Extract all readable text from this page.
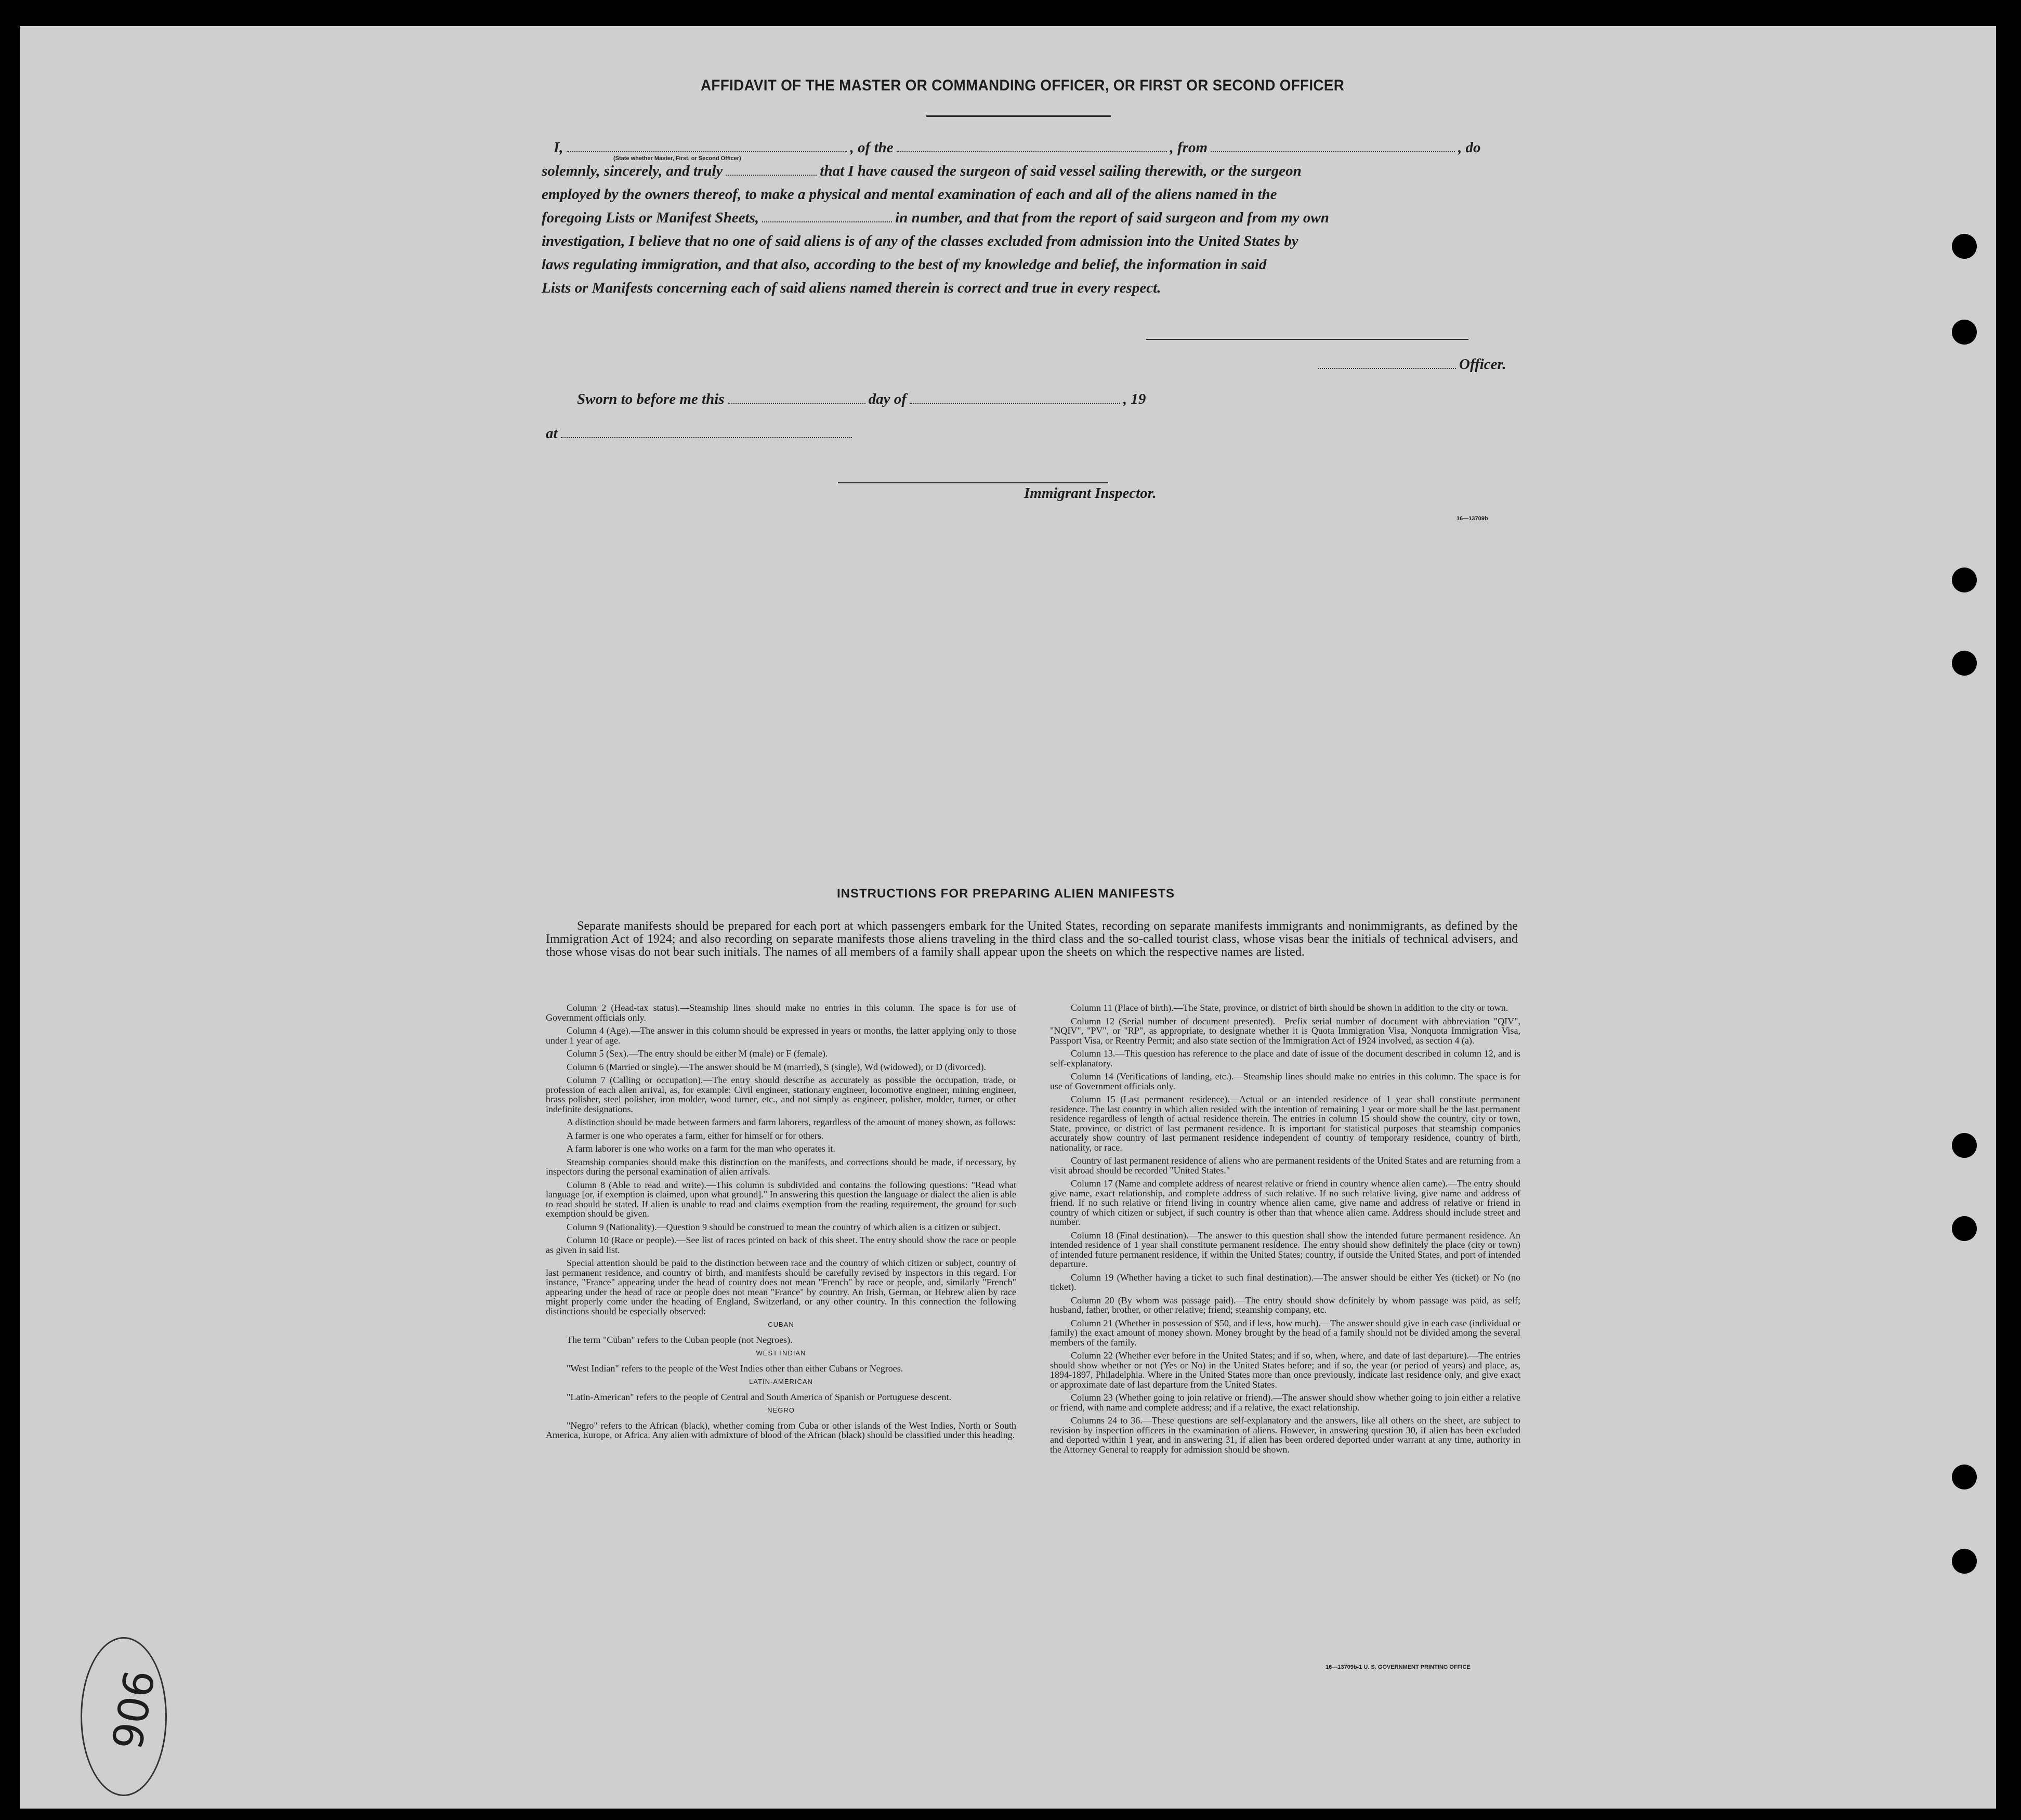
AFFIDAVIT OF THE MASTER OR COMMANDING OFFICER, OR FIRST OR SECOND OFFICER
I,	, of the	, from	, do
(State whether Master, First, or Second Officer)
solemnly, sincerely, and truly	that I have caused the surgeon of said vessel sailing therewith, or the surgeon
employed by the owners thereof, to make a physical and mental examination of each and all of the aliens named in the
foregoing Lists or Manifest Sheets,	in number, and that from the report of said surgeon and from my own
investigation, I believe that no one of said aliens is of any of the classes excluded from admission into the United States by
laws regulating immigration, and that also, according to the best of my knowledge and belief, the information in said
Lists or Manifests concerning each of said aliens named therein is correct and true in every respect.
Officer.
Sworn to before me this	day of	, 19
at
Immigrant Inspector.
16—13709b
INSTRUCTIONS FOR PREPARING ALIEN MANIFESTS
Separate manifests should be prepared for each port at which passengers embark for the United States, recording on separate manifests immigrants and nonimmigrants, as defined by the Immigration Act of 1924; and also recording on separate manifests those aliens traveling in the third class and the so-called tourist class, whose visas bear the initials of technical advisers, and those whose visas do not bear such initials. The names of all members of a family shall appear upon the sheets on which the respective names are listed.

Column 2 (Head-tax status).—Steamship lines should make no entries in this column. The space is for use of Government officials only.

Column 4 (Age).—The answer in this column should be expressed in years or months, the latter applying only to those under 1 year of age.

Column 5 (Sex).—The entry should be either M (male) or F (female).

Column 6 (Married or single).—The answer should be M (married), S (single), Wd (widowed), or D (divorced).

Column 7 (Calling or occupation).—The entry should describe as accurately as possible the occupation, trade, or profession of each alien arrival, as, for example: Civil engineer, stationary engineer, locomotive engineer, mining engineer, brass polisher, steel polisher, iron molder, wood turner, etc., and not simply as engineer, polisher, molder, turner, or other indefinite designations.

A distinction should be made between farmers and farm laborers, regardless of the amount of money shown, as follows:

A farmer is one who operates a farm, either for himself or for others.

A farm laborer is one who works on a farm for the man who operates it.

Steamship companies should make this distinction on the manifests, and corrections should be made, if necessary, by inspectors during the personal examination of alien arrivals.

Column 8 (Able to read and write).—This column is subdivided and contains the following questions: "Read what language [or, if exemption is claimed, upon what ground]." In answering this question the language or dialect the alien is able to read should be stated. If alien is unable to read and claims exemption from the reading requirement, the ground for such exemption should be given.

Column 9 (Nationality).—Question 9 should be construed to mean the country of which alien is a citizen or subject.

Column 10 (Race or people).—See list of races printed on back of this sheet. The entry should show the race or people as given in said list.

Special attention should be paid to the distinction between race and the country of which citizen or subject, country of last permanent residence, and country of birth, and manifests should be carefully revised by inspectors in this regard. For instance, "France" appearing under the head of country does not mean "French" by race or people, and, similarly "French" appearing under the head of race or people does not mean "France" by country. An Irish, German, or Hebrew alien by race might properly come under the heading of England, Switzerland, or any other country. In this connection the following distinctions should be especially observed:

CUBAN

The term "Cuban" refers to the Cuban people (not Negroes).

WEST INDIAN

"West Indian" refers to the people of the West Indies other than either Cubans or Negroes.

LATIN-AMERICAN

"Latin-American" refers to the people of Central and South America of Spanish or Portuguese descent.

NEGRO

"Negro" refers to the African (black), whether coming from Cuba or other islands of the West Indies, North or South America, Europe, or Africa. Any alien with admixture of blood of the African (black) should be classified under this heading.

Column 11 (Place of birth).—The State, province, or district of birth should be shown in addition to the city or town.

Column 12 (Serial number of document presented).—Prefix serial number of document with abbreviation "QIV", "NQIV", "PV", or "RP", as appropriate, to designate whether it is Quota Immigration Visa, Nonquota Immigration Visa, Passport Visa, or Reentry Permit; and also state section of the Immigration Act of 1924 involved, as section 4 (a).

Column 13.—This question has reference to the place and date of issue of the document described in column 12, and is self-explanatory.

Column 14 (Verifications of landing, etc.).—Steamship lines should make no entries in this column. The space is for use of Government officials only.

Column 15 (Last permanent residence).—Actual or an intended residence of 1 year shall constitute permanent residence. The last country in which alien resided with the intention of remaining 1 year or more shall be the last permanent residence regardless of length of actual residence therein. The entries in column 15 should show the country, city or town, State, province, or district of last permanent residence. It is important for statistical purposes that steamship companies accurately show country of last permanent residence independent of country of temporary residence, country of birth, nationality, or race.

Country of last permanent residence of aliens who are permanent residents of the United States and are returning from a visit abroad should be recorded "United States."

Column 17 (Name and complete address of nearest relative or friend in country whence alien came).—The entry should give name, exact relationship, and complete address of such relative. If no such relative living, give name and address of friend. If no such relative or friend living in country whence alien came, give name and address of relative or friend in country of which citizen or subject, if such country is other than that whence alien came. Address should include street and number.

Column 18 (Final destination).—The answer to this question shall show the intended future permanent residence. An intended residence of 1 year shall constitute permanent residence. The entry should show definitely the place (city or town) of intended future permanent residence, if within the United States; country, if outside the United States, and port of intended departure.

Column 19 (Whether having a ticket to such final destination).—The answer should be either Yes (ticket) or No (no ticket).

Column 20 (By whom was passage paid).—The entry should show definitely by whom passage was paid, as self; husband, father, brother, or other relative; friend; steamship company, etc.

Column 21 (Whether in possession of $50, and if less, how much).—The answer should give in each case (individual or family) the exact amount of money shown. Money brought by the head of a family should not be divided among the several members of the family.

Column 22 (Whether ever before in the United States; and if so, when, where, and date of last departure).—The entries should show whether or not (Yes or No) in the United States before; and if so, the year (or period of years) and place, as, 1894-1897, Philadelphia. Where in the United States more than once previously, indicate last residence only, and give exact or approximate date of last departure from the United States.

Column 23 (Whether going to join relative or friend).—The answer should show whether going to join either a relative or friend, with name and complete address; and if a relative, the exact relationship.

Columns 24 to 36.—These questions are self-explanatory and the answers, like all others on the sheet, are subject to revision by inspection officers in the examination of aliens. However, in answering question 30, if alien has been excluded and deported within 1 year, and in answering 31, if alien has been ordered deported under warrant at any time, authority in the Attorney General to reapply for admission should be shown.

16—13709b-1 U. S. GOVERNMENT PRINTING OFFICE
906
